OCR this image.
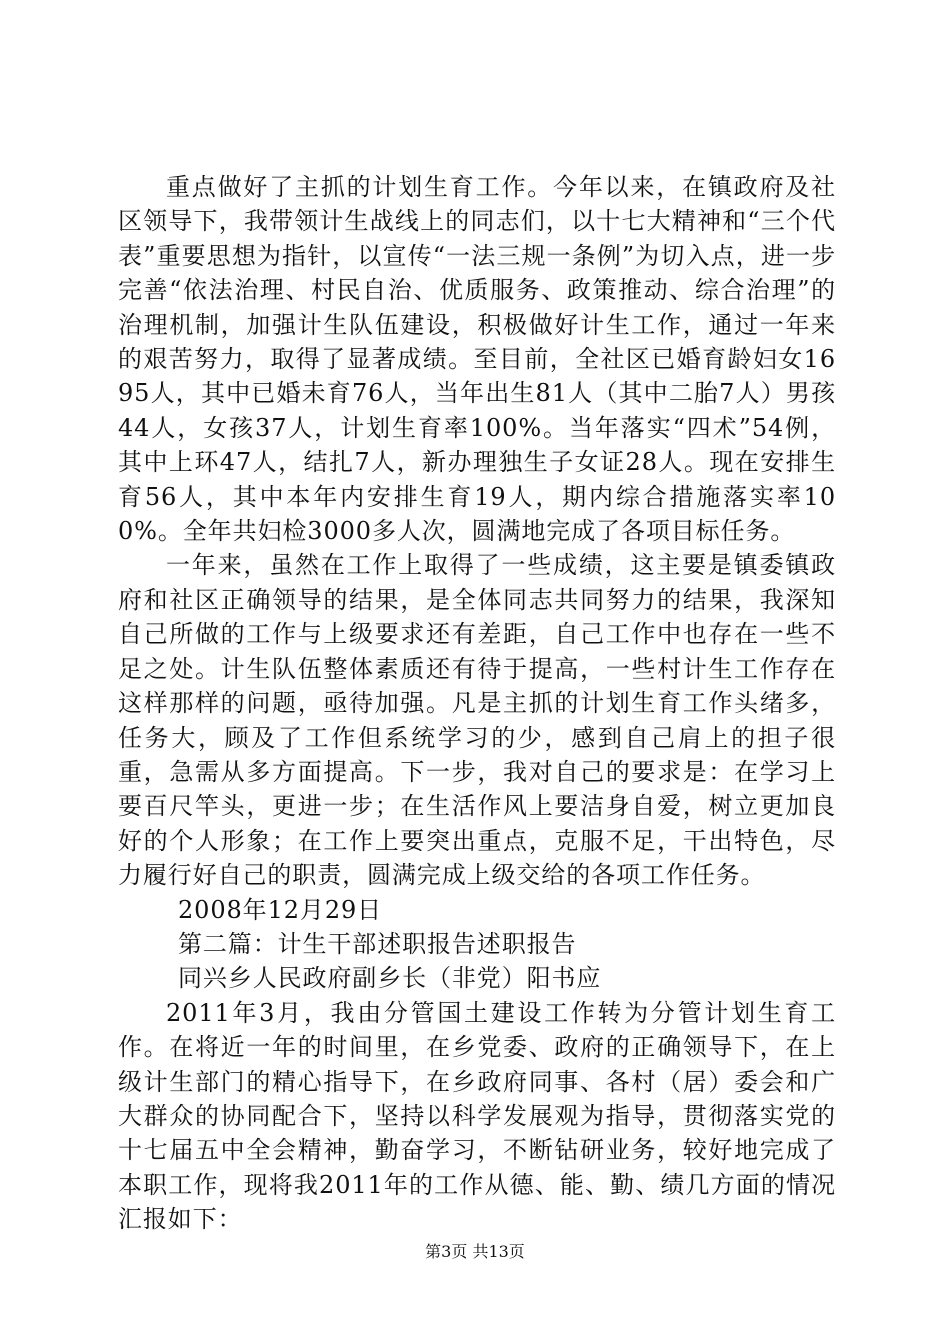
重点做好了主抓的计划生育工作。今年以来，在镇政府及社区领导下，我带领计生战线上的同志们，以十七大精神和“三个代表”重要思想为指针，以宣传“一法三规一条例”为切入点，进一步完善“依法治理、村民自治、优质服务、政策推动、综合治理”的治理机制，加强计生队伍建设，积极做好计生工作，通过一年来的艰苦努力，取得了显著成绩。至目前，全社区已婚育龄妇女1695人，其中已婚未育76人，当年出生81人（其中二胎7人）男孩44人，女孩37人，计划生育率100%。当年落实“四术”54例，其中上环47人，结扎7人，新办理独生子女证28人。现在安排生育56人，其中本年内安排生育19人，期内综合措施落实率100%。全年共妇检3000多人次，圆满地完成了各项目标任务。

一年来，虽然在工作上取得了一些成绩，这主要是镇委镇政府和社区正确领导的结果，是全体同志共同努力的结果，我深知自己所做的工作与上级要求还有差距，自己工作中也存在一些不足之处。计生队伍整体素质还有待于提高，一些村计生工作存在这样那样的问题，亟待加强。凡是主抓的计划生育工作头绪多，任务大，顾及了工作但系统学习的少，感到自己肩上的担子很重，急需从多方面提高。下一步，我对自己的要求是：在学习上要百尺竿头，更进一步；在生活作风上要洁身自爱，树立更加良好的个人形象；在工作上要突出重点，克服不足，干出特色，尽力履行好自己的职责，圆满完成上级交给的各项工作任务。

2008年12月29日

第二篇：计生干部述职报告述职报告

同兴乡人民政府副乡长（非党）阳书应

2011年3月，我由分管国土建设工作转为分管计划生育工作。在将近一年的时间里，在乡党委、政府的正确领导下，在上级计生部门的精心指导下，在乡政府同事、各村（居）委会和广大群众的协同配合下，坚持以科学发展观为指导，贯彻落实党的十七届五中全会精神，勤奋学习，不断钻研业务，较好地完成了本职工作，现将我2011年的工作从德、能、勤、绩几方面的情况汇报如下：

第3页 共13页
